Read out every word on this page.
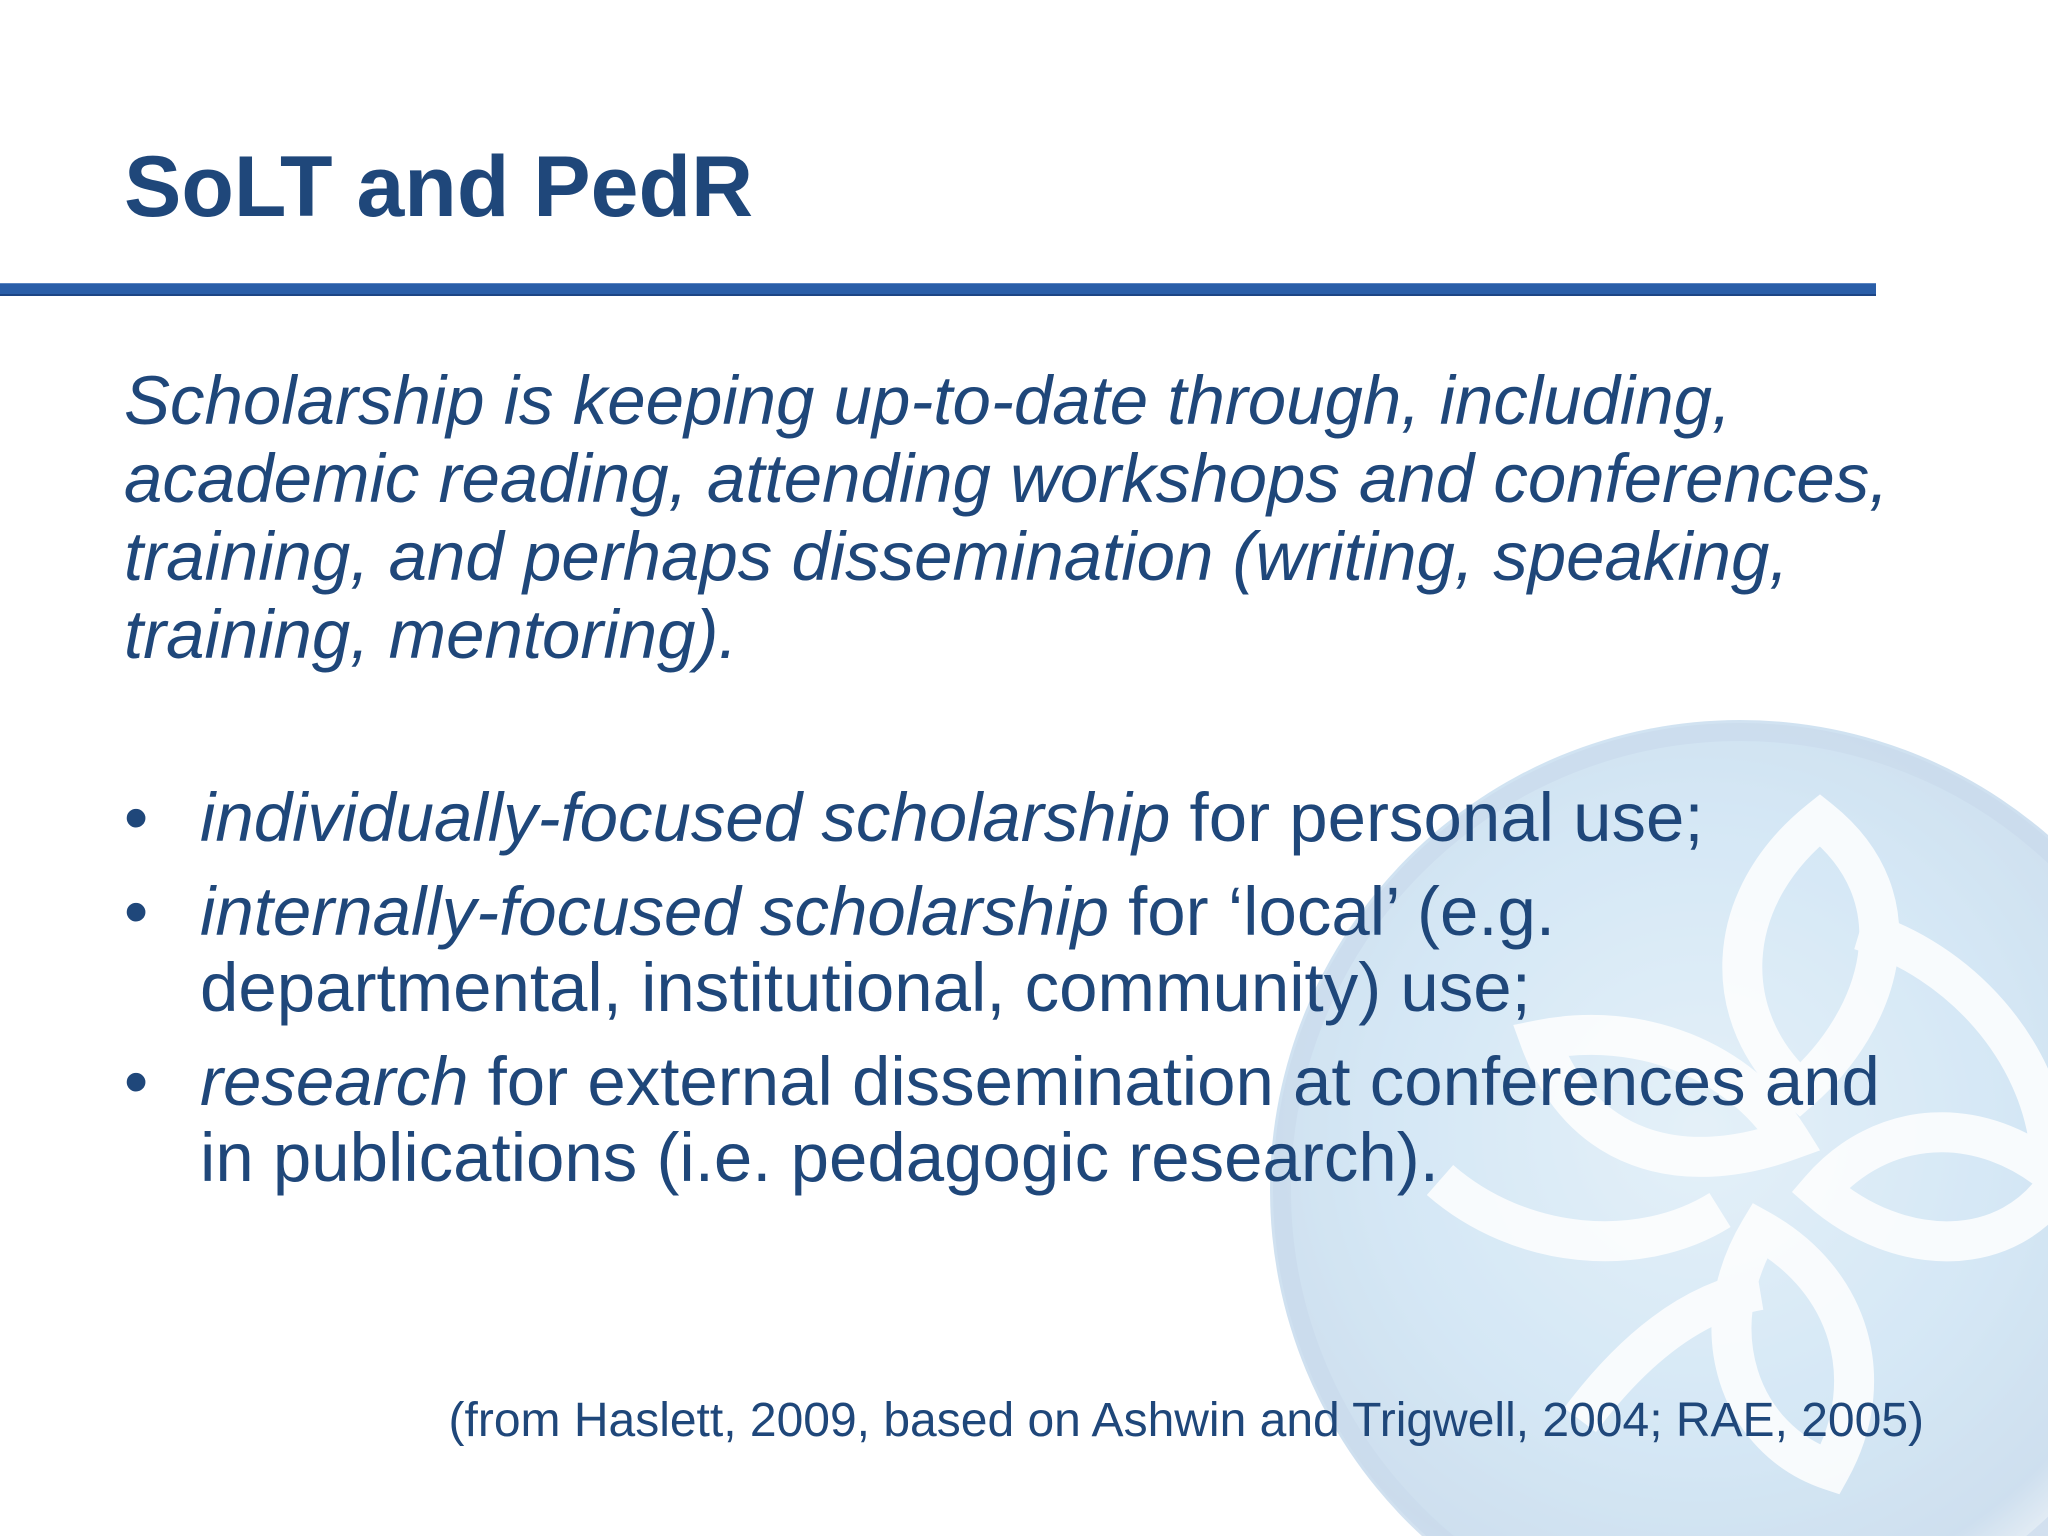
SoLT and PedR

Scholarship is keeping up-to-date through, including, academic reading, attending workshops and conferences, training, and perhaps dissemination (writing, speaking, training, mentoring).

• individually-focused scholarship for personal use;
• internally-focused scholarship for ‘local’ (e.g. departmental, institutional, community) use;
• research for external dissemination at conferences and in publications (i.e. pedagogic research).

(from Haslett, 2009, based on Ashwin and Trigwell, 2004; RAE, 2005)
